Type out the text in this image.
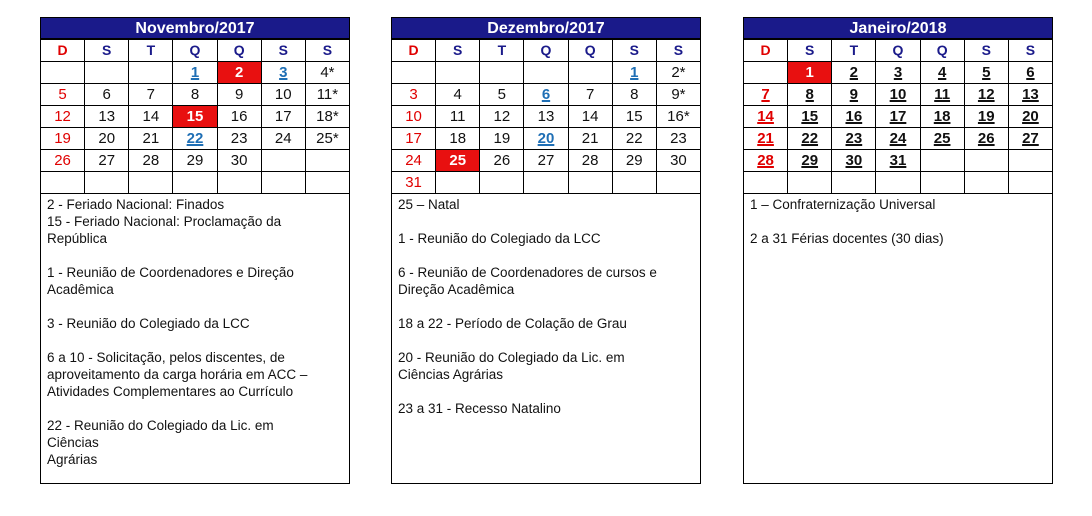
Novembro/2017
D	S	T	Q	Q	S	S
			1	2	3	4*
5	6	7	8	9	10	11*
12	13	14	15	16	17	18*
19	20	21	22	23	24	25*
26	27	28	29	30		

2 - Feriado Nacional: Finados
15 - Feriado Nacional: Proclamação da
República
1 - Reunião de Coordenadores e Direção
Acadêmica
3 - Reunião do Colegiado da LCC
6 a 10 - Solicitação, pelos discentes, de
aproveitamento da carga horária em ACC –
Atividades Complementares ao Currículo
22 - Reunião do Colegiado da Lic. em
Ciências
Agrárias
Dezembro/2017
D	S	T	Q	Q	S	S
					1	2*
3	4	5	6	7	8	9*
10	11	12	13	14	15	16*
17	18	19	20	21	22	23
24	25	26	27	28	29	30
31						
25 – Natal
1 - Reunião do Colegiado da LCC
6 - Reunião de Coordenadores de cursos e
Direção Acadêmica
18 a 22 - Período de Colação de Grau
20 - Reunião do Colegiado da Lic. em
Ciências Agrárias
23 a 31 - Recesso Natalino
Janeiro/2018
D	S	T	Q	Q	S	S
	1	2	3	4	5	6
7	8	9	10	11	12	13
14	15	16	17	18	19	20
21	22	23	24	25	26	27
28	29	30	31			

1 – Confraternização Universal
2 a 31 Férias docentes (30 dias)
